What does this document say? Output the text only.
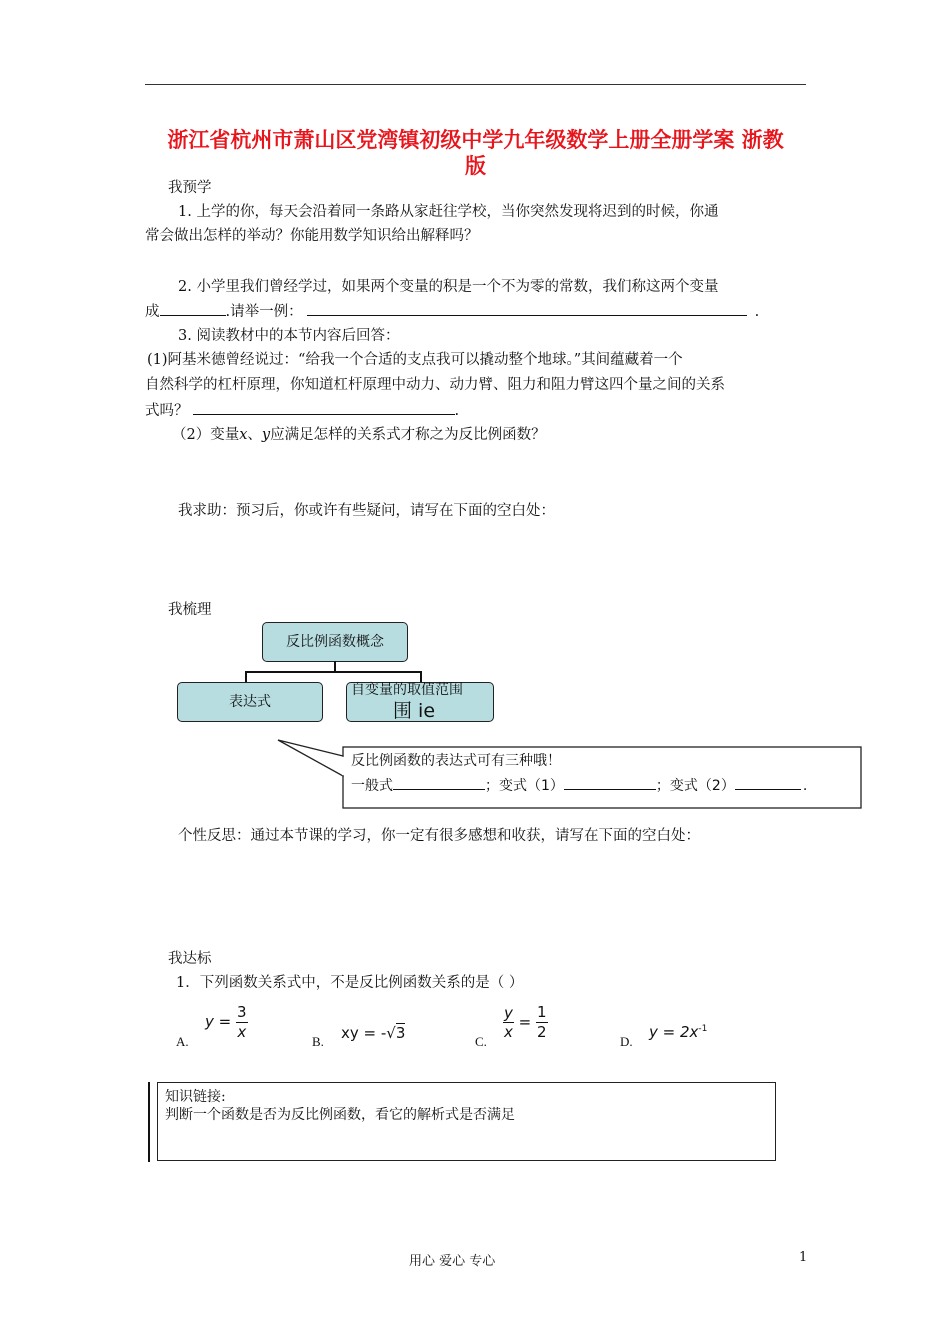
浙江省杭州市萧山区党湾镇初级中学九年级数学上册全册学案 浙教
版
我预学
1. 上学的你，每天会沿着同一条路从家赶往学校，当你突然发现将迟到的时候，你通
常会做出怎样的举动？你能用数学知识给出解释吗？
2. 小学里我们曾经学过，如果两个变量的积是一个不为零的常数，我们称这两个变量
成	.请举一例：	.
3. 阅读教材中的本节内容后回答：
(1)阿基米德曾经说过：“给我一个合适的支点我可以撬动整个地球。”其间蕴藏着一个
自然科学的杠杆原理，你知道杠杆原理中动力、动力臂、阻力和阻力臂这四个量之间的关系
式吗？	.
（2）变量x、y应满足怎样的关系式才称之为反比例函数？
我求助：预习后，你或许有些疑问，请写在下面的空白处：
我梳理
反比例函数概念
表达式
自变量的取值范围
围 ie
反比例函数的表达式可有三种哦！
一般式	；变式（1）	；变式（2）	.
个性反思：通过本节课的学习，你一定有很多感想和收获，请写在下面的空白处：
我达标
1．下列函数关系式中，不是反比例函数关系的是（ ）
A.
$y = \frac{3}{x}$
B. xy = -√3	C.
$\frac{y}{x} = \frac{1}{2}$	D.
$y = 2x^{-1}$
知识链接:
判断一个函数是否为反比例函数，看它的解析式是否满足
用心 爱心 专心	1
